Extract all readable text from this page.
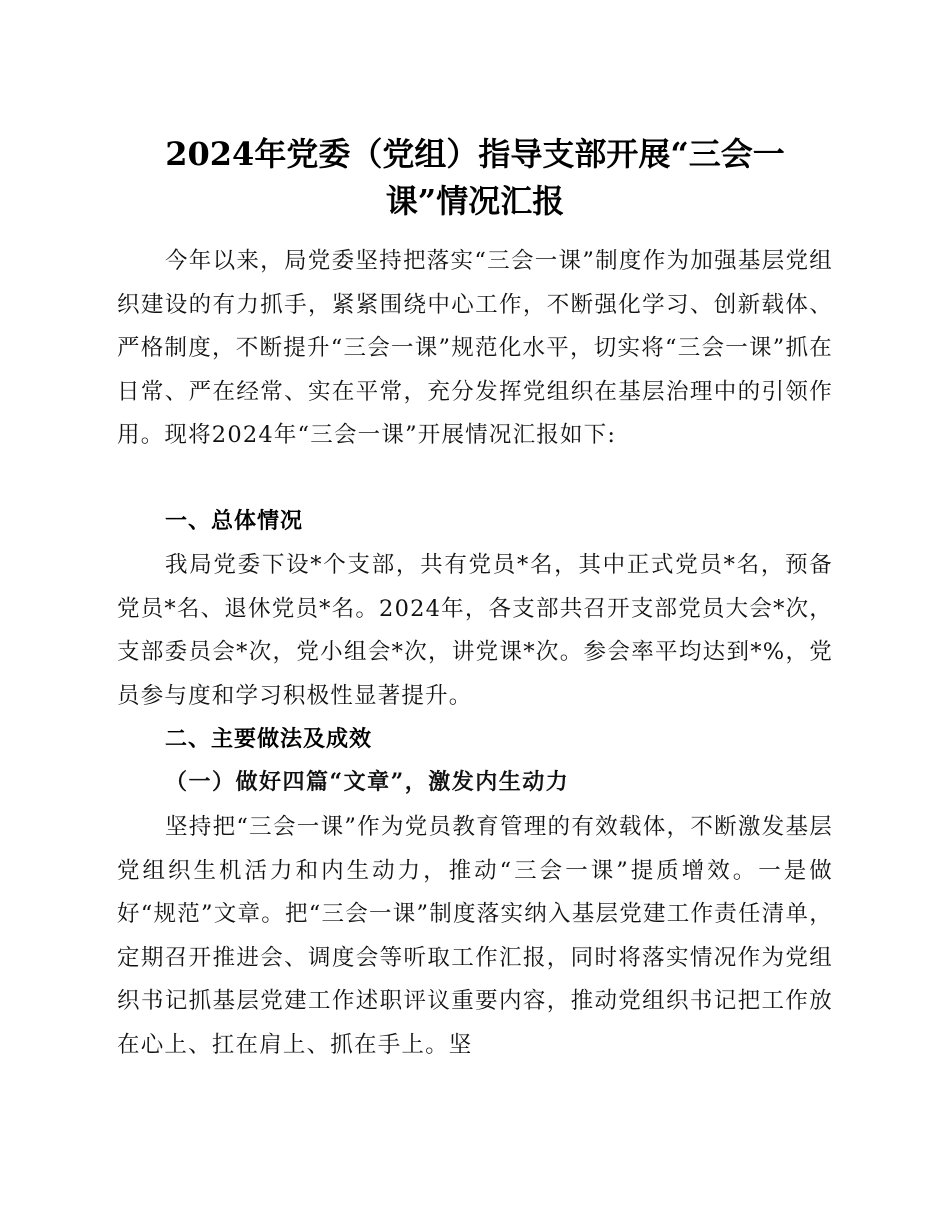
2024年党委（党组）指导支部开展“三会一
课”情况汇报

今年以来，局党委坚持把落实“三会一课”制度作为加强基层党组织建设的有力抓手，紧紧围绕中心工作，不断强化学习、创新载体、严格制度，不断提升“三会一课”规范化水平，切实将“三会一课”抓在日常、严在经常、实在平常，充分发挥党组织在基层治理中的引领作用。现将2024年“三会一课”开展情况汇报如下:

一、总体情况

我局党委下设*个支部，共有党员*名，其中正式党员*名，预备党员*名、退休党员*名。2024年，各支部共召开支部党员大会*次，支部委员会*次，党小组会*次，讲党课*次。参会率平均达到*%，党员参与度和学习积极性显著提升。

二、主要做法及成效
（一）做好四篇“文章”，激发内生动力

坚持把“三会一课”作为党员教育管理的有效载体，不断激发基层党组织生机活力和内生动力，推动“三会一课”提质增效。一是做好“规范”文章。把“三会一课”制度落实纳入基层党建工作责任清单，定期召开推进会、调度会等听取工作汇报，同时将落实情况作为党组织书记抓基层党建工作述职评议重要内容，推动党组织书记把工作放在心上、扛在肩上、抓在手上。坚
